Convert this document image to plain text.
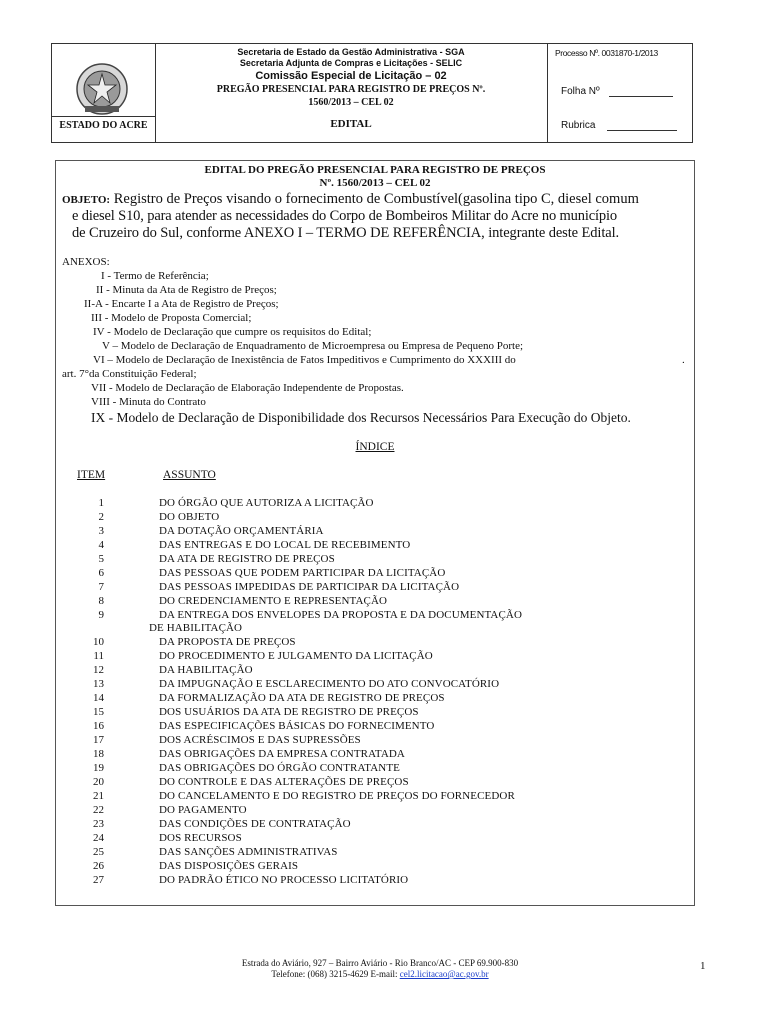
ESTADO DO ACRE
Secretaria de Estado da Gestão Administrativa - SGA
Secretaria Adjunta de Compras e Licitações - SELIC
Comissão Especial de Licitação – 02
PREGÃO PRESENCIAL PARA REGISTRO DE PREÇOS Nº.
1560/2013 – CEL 02
EDITAL
Processo Nº. 0031870-1/2013
Folha Nº
Rubrica
EDITAL DO PREGÃO PRESENCIAL PARA REGISTRO DE PREÇOS
Nº. 1560/2013 – CEL 02
OBJETO: Registro de Preços visando o fornecimento de Combustível(gasolina tipo C, diesel comum
e diesel S10, para atender as necessidades do Corpo de Bombeiros Militar do Acre no município
de Cruzeiro do Sul, conforme ANEXO I – TERMO DE REFERÊNCIA, integrante deste Edital.
ANEXOS:
I - Termo de Referência;
II - Minuta da Ata de Registro de Preços;
II-A - Encarte I a Ata de Registro de Preços;
III - Modelo de Proposta Comercial;
IV - Modelo de Declaração que cumpre os requisitos do Edital;
V – Modelo de Declaração de Enquadramento de Microempresa ou Empresa de Pequeno Porte;
VI – Modelo de Declaração de Inexistência de Fatos Impeditivos e Cumprimento do XXXIII do	.
art. 7°da Constituição Federal;
VII - Modelo de Declaração de Elaboração Independente de Propostas.
VIII - Minuta do Contrato
IX - Modelo de Declaração de Disponibilidade dos Recursos Necessários Para Execução do Objeto.
ÍNDICE
ITEM	ASSUNTO
1	DO ÓRGÃO QUE AUTORIZA A LICITAÇÃO
2	DO OBJETO
3	DA DOTAÇÃO ORÇAMENTÁRIA
4	DAS ENTREGAS E DO LOCAL DE RECEBIMENTO
5	DA ATA DE REGISTRO DE PREÇOS
6	DAS PESSOAS QUE PODEM PARTICIPAR DA LICITAÇÃO
7	DAS PESSOAS IMPEDIDAS DE PARTICIPAR DA LICITAÇÃO
8	DO CREDENCIAMENTO E REPRESENTAÇÃO
9	DA ENTREGA DOS ENVELOPES DA PROPOSTA E DA DOCUMENTAÇÃO
DE HABILITAÇÃO
10	DA PROPOSTA DE PREÇOS
11	DO PROCEDIMENTO E JULGAMENTO DA LICITAÇÃO
12	DA HABILITAÇÃO
13	DA IMPUGNAÇÃO E ESCLARECIMENTO DO ATO CONVOCATÓRIO
14	DA FORMALIZAÇÃO DA ATA DE REGISTRO DE PREÇOS
15	DOS USUÁRIOS DA ATA DE REGISTRO DE PREÇOS
16	DAS ESPECIFICAÇÕES BÁSICAS DO FORNECIMENTO
17	DOS ACRÉSCIMOS E DAS SUPRESSÕES
18	DAS OBRIGAÇÕES DA EMPRESA CONTRATADA
19	DAS OBRIGAÇÕES DO ÓRGÃO CONTRATANTE
20	DO CONTROLE E DAS ALTERAÇÕES DE PREÇOS
21	DO CANCELAMENTO E DO REGISTRO DE PREÇOS DO FORNECEDOR
22	DO PAGAMENTO
23	DAS CONDIÇÕES DE CONTRATAÇÃO
24	DOS RECURSOS
25	DAS SANÇÕES ADMINISTRATIVAS
26	DAS DISPOSIÇÕES GERAIS
27	DO PADRÃO ÉTICO NO PROCESSO LICITATÓRIO
Estrada do Aviário, 927 – Bairro Aviário - Rio Branco/AC - CEP 69.900-830
Telefone: (068) 3215-4629 E-mail: cel2.licitacao@ac.gov.br
1
